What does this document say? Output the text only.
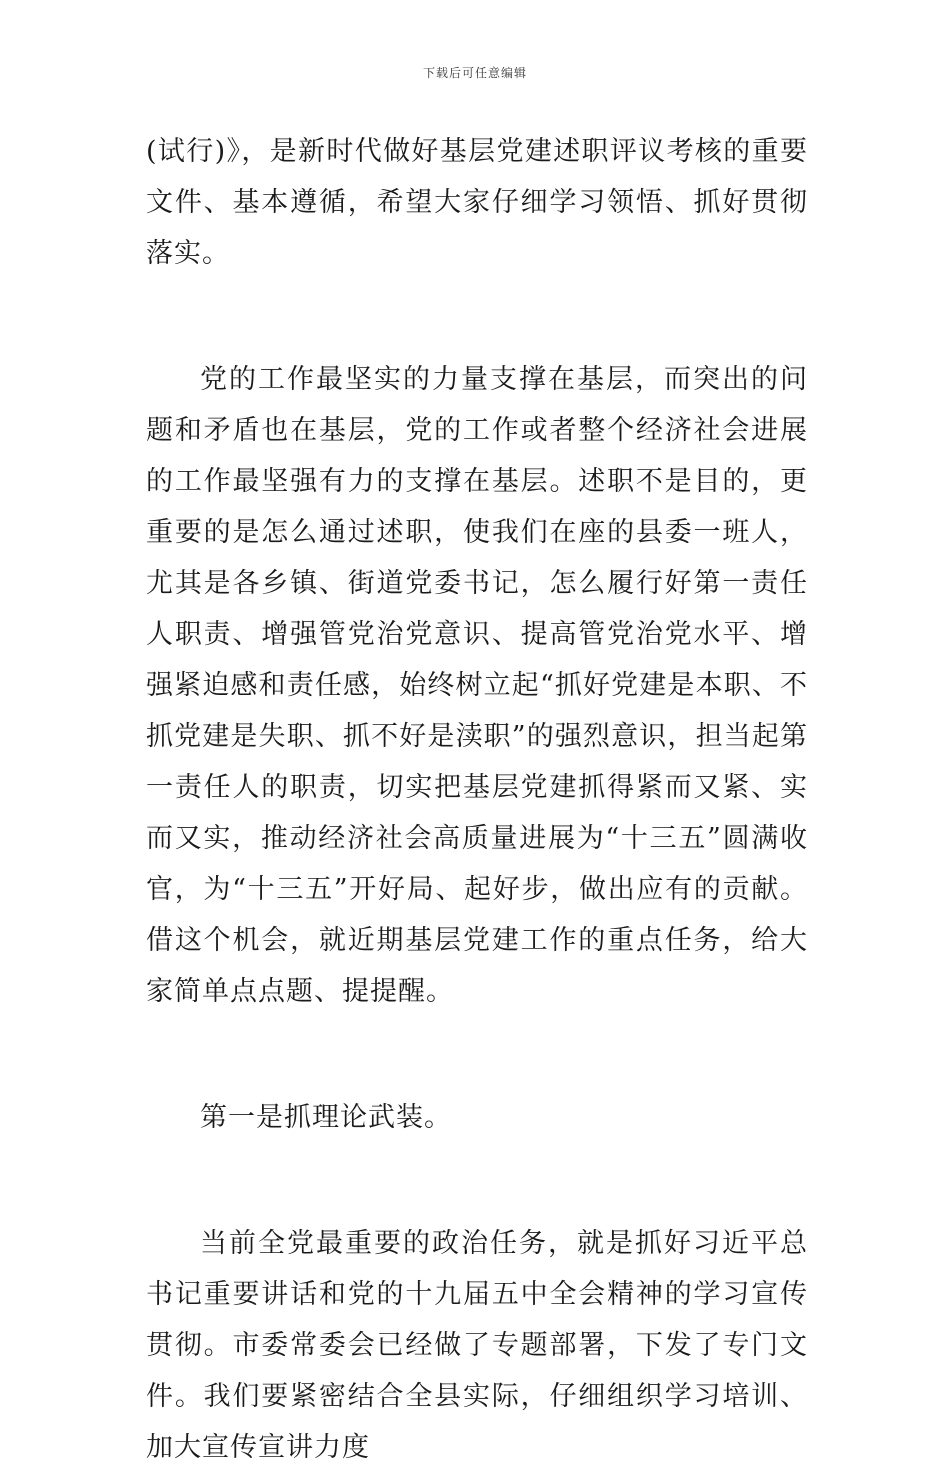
下载后可任意编辑

(试行)》，是新时代做好基层党建述职评议考核的重要文件、基本遵循，希望大家仔细学习领悟、抓好贯彻落实。

党的工作最坚实的力量支撑在基层，而突出的问题和矛盾也在基层，党的工作或者整个经济社会进展的工作最坚强有力的支撑在基层。述职不是目的，更重要的是怎么通过述职，使我们在座的县委一班人，尤其是各乡镇、街道党委书记，怎么履行好第一责任人职责、增强管党治党意识、提高管党治党水平、增强紧迫感和责任感，始终树立起“抓好党建是本职、不抓党建是失职、抓不好是渎职”的强烈意识，担当起第一责任人的职责，切实把基层党建抓得紧而又紧、实而又实，推动经济社会高质量进展为“十三五”圆满收官，为“十三五”开好局、起好步，做出应有的贡献。借这个机会，就近期基层党建工作的重点任务，给大家简单点点题、提提醒。

第一是抓理论武装。

当前全党最重要的政治任务，就是抓好习近平总书记重要讲话和党的十九届五中全会精神的学习宣传贯彻。市委常委会已经做了专题部署，下发了专门文件。我们要紧密结合全县实际，仔细组织学习培训、加大宣传宣讲力度
